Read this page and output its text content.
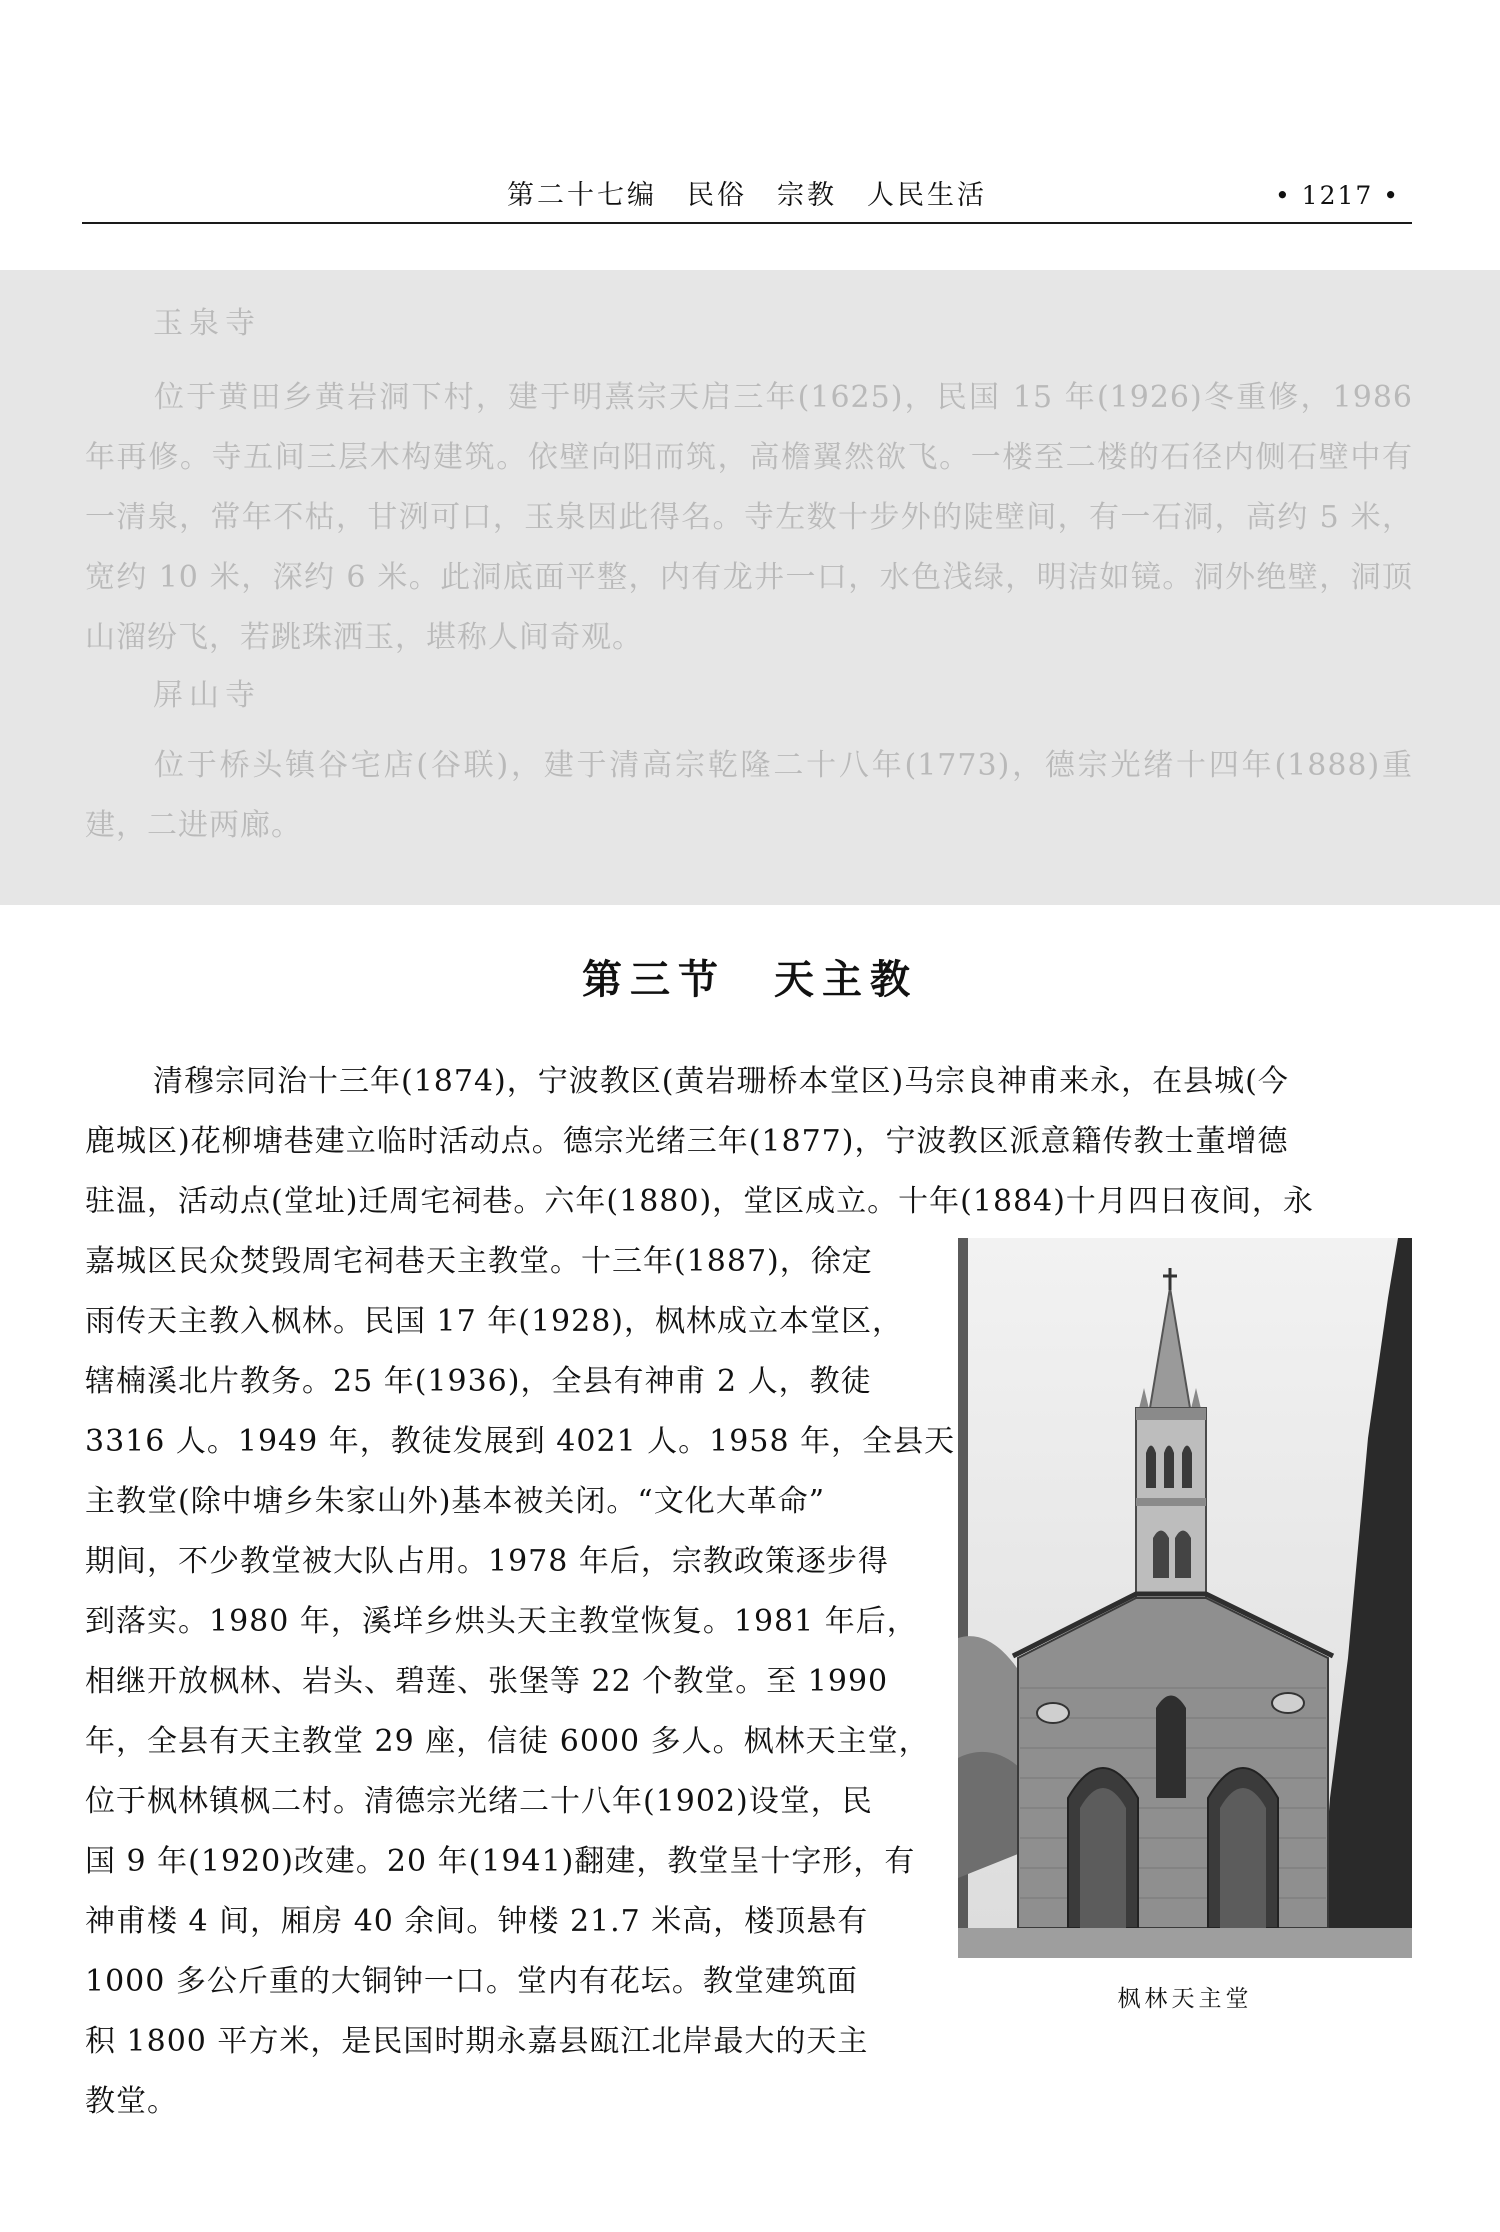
第二十七编　民俗　宗教　人民生活	• 1217 •
玉泉寺
位于黄田乡黄岩洞下村，建于明熹宗天启三年(1625)，民国 15 年(1926)冬重修，1986 年再修。寺五间三层木构建筑。依壁向阳而筑，高檐翼然欲飞。一楼至二楼的石径内侧石壁中有一清泉，常年不枯，甘洌可口，玉泉因此得名。寺左数十步外的陡壁间，有一石洞，高约 5 米，宽约 10 米，深约 6 米。此洞底面平整，内有龙井一口，水色浅绿，明洁如镜。洞外绝壁，洞顶山溜纷飞，若跳珠洒玉，堪称人间奇观。
屏山寺
位于桥头镇谷宅店(谷联)，建于清高宗乾隆二十八年(1773)，德宗光绪十四年(1888)重建，二进两廊。
第三节　天主教
清穆宗同治十三年(1874)，宁波教区(黄岩珊桥本堂区)马宗良神甫来永，在县城(今
鹿城区)花柳塘巷建立临时活动点。德宗光绪三年(1877)，宁波教区派意籍传教士董增德
驻温，活动点(堂址)迁周宅祠巷。六年(1880)，堂区成立。十年(1884)十月四日夜间，永
嘉城区民众焚毁周宅祠巷天主教堂。十三年(1887)，徐定
雨传天主教入枫林。民国 17 年(1928)，枫林成立本堂区，
辖楠溪北片教务。25 年(1936)，全县有神甫 2 人，教徒
3316 人。1949 年，教徒发展到 4021 人。1958 年，全县天
主教堂(除中塘乡朱家山外)基本被关闭。“文化大革命”
期间，不少教堂被大队占用。1978 年后，宗教政策逐步得
到落实。1980 年，溪垟乡烘头天主教堂恢复。1981 年后，
相继开放枫林、岩头、碧莲、张堡等 22 个教堂。至 1990
年，全县有天主教堂 29 座，信徒 6000 多人。枫林天主堂，
位于枫林镇枫二村。清德宗光绪二十八年(1902)设堂，民
国 9 年(1920)改建。20 年(1941)翻建，教堂呈十字形，有
神甫楼 4 间，厢房 40 余间。钟楼 21.7 米高，楼顶悬有
1000 多公斤重的大铜钟一口。堂内有花坛。教堂建筑面
积 1800 平方米，是民国时期永嘉县瓯江北岸最大的天主
教堂。
枫林天主堂
